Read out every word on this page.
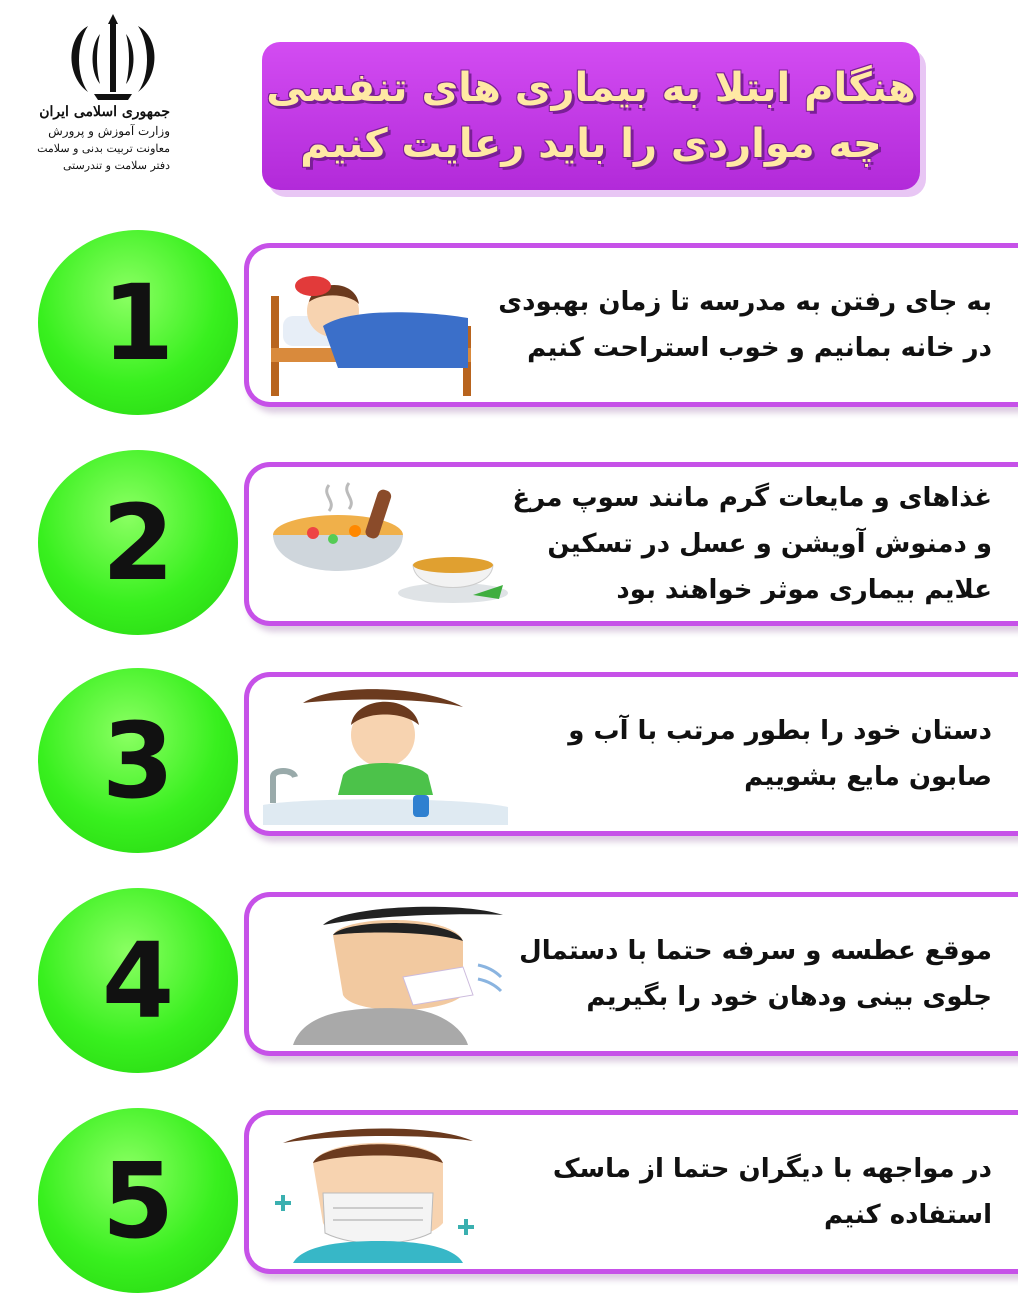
جمهوری اسلامی ایران
وزارت آموزش و پرورش
معاونت تربیت بدنی و سلامت
دفتر سلامت و تندرستی
هنگام ابتلا به بیماری های تنفسی
چه مواردی را باید رعایت کنیم
1	به جای رفتن به مدرسه تا زمان بهبودی
در خانه بمانیم و خوب استراحت کنیم
2	غذاهای و مایعات گرم مانند سوپ مرغ
و دمنوش آویشن و عسل در تسکین
علایم بیماری موثر خواهند بود
3	دستان خود را بطور مرتب با آب و
صابون مایع بشوییم
4	موقع عطسه و سرفه حتما با دستمال
جلوی بینی ودهان خود را بگیریم
5	در مواجهه با دیگران حتما از ماسک
استفاده کنیم
